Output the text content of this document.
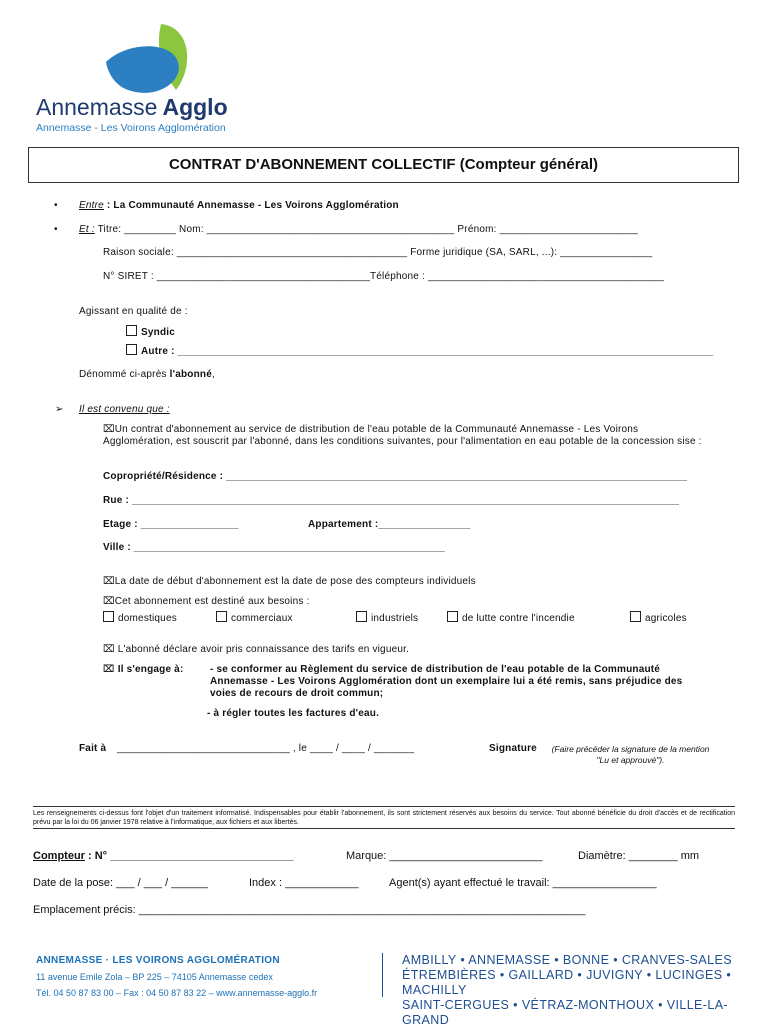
Annemasse Agglo
Annemasse - Les Voirons Agglomération
CONTRAT D'ABONNEMENT COLLECTIF (Compteur général)
• Entre : La Communauté Annemasse - Les Voirons Agglomération
• Et : Titre: _________ Nom: ___________________________________________ Prénom: ________________________
Raison sociale: ________________________________________ Forme juridique (SA, SARL, ...): ________________
N° SIRET : _____________________________________Téléphone : _________________________________________
Agissant en qualité de :
Syndic
Autre : _____________________________________________________________________________________________
Dénommé ci-après l'abonné,
➢ Il est convenu que :
⌧Un contrat d'abonnement au service de distribution de l'eau potable de la Communauté Annemasse - Les Voirons Agglomération, est souscrit par l'abonné, dans les conditions suivantes, pour l'alimentation en eau potable de la concession sise :
Copropriété/Résidence : ________________________________________________________________________________
Rue : _______________________________________________________________________________________________
Etage : _________________	Appartement :________________
Ville : ______________________________________________________
⌧La date de début d'abonnement est la date de pose des compteurs individuels
⌧Cet abonnement est destiné aux besoins :
domestiques	commerciaux	industriels	de lutte contre l'incendie	agricoles
⌧ L'abonné déclare avoir pris connaissance des tarifs en vigueur.
⌧ Il s'engage à:	- se conformer au Règlement du service de distribution de l'eau potable de la Communauté Annemasse - Les Voirons Agglomération dont un exemplaire lui a été remis, sans préjudice des voies de recours de droit commun;
- à régler toutes les factures d'eau.
Fait à ______________________________ , le ____ / ____ / _______	Signature	(Faire précéder la signature de la mention "Lu et approuvé").
Les renseignements ci-dessus font l'objet d'un traitement informatisé. Indispensables pour établir l'abonnement, ils sont strictement réservés aux besoins du service. Tout abonné bénéficie du droit d'accès et de rectification prévu par la loi du 06 janvier 1978 relative à l'informatique, aux fichiers et aux libertés.
Compteur : N° ______________________________	Marque: _________________________	Diamètre: ________ mm
Date de la pose: ___ / ___ / ______	Index : ____________	Agent(s) ayant effectué le travail: _________________
Emplacement précis: _________________________________________________________________________
ANNEMASSE · LES VOIRONS AGGLOMÉRATION
11 avenue Emile Zola – BP 225 – 74105 Annemasse cedex
Tél. 04 50 87 83 00 – Fax : 04 50 87 83 22 – www.annemasse-agglo.fr
AMBILLY • ANNEMASSE • BONNE • CRANVES-SALES
ÉTREMBIÈRES • GAILLARD • JUVIGNY • LUCINGES • MACHILLY
SAINT-CERGUES • VÉTRAZ-MONTHOUX • VILLE-LA-GRAND
